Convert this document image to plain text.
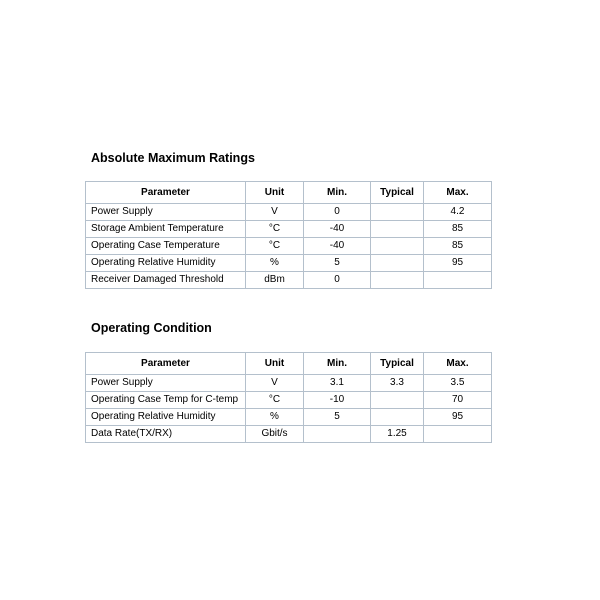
Absolute Maximum Ratings
Parameter	Unit	Min.	Typical	Max.
Power Supply	V	0		4.2
Storage Ambient Temperature	°C	-40		85
Operating Case Temperature	°C	-40		85
Operating Relative Humidity	%	5		95
Receiver Damaged Threshold	dBm	0		
Operating Condition
Parameter	Unit	Min.	Typical	Max.
Power Supply	V	3.1	3.3	3.5
Operating Case Temp for C-temp	°C	-10		70
Operating Relative Humidity	%	5		95
Data Rate(TX/RX)	Gbit/s		1.25	
